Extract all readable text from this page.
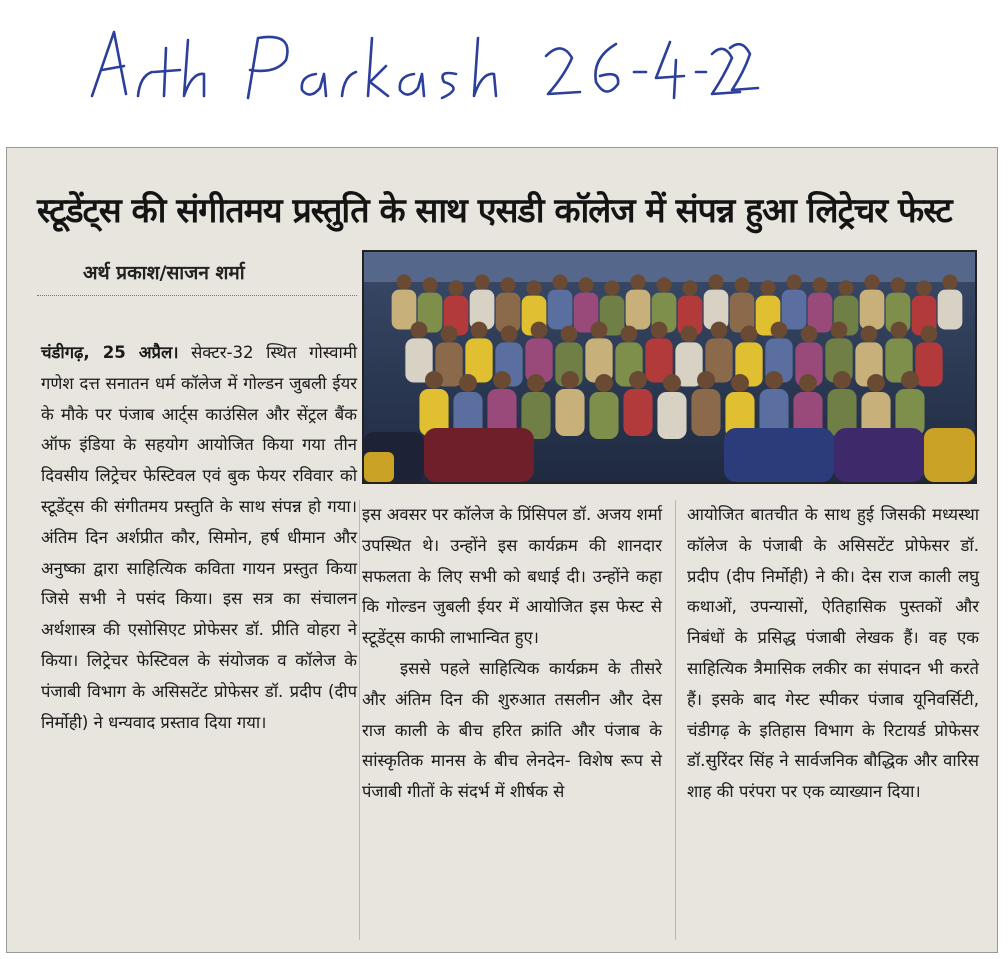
स्टूडेंट्स की संगीतमय प्रस्तुति के साथ एसडी कॉलेज में संपन्न हुआ लिट्रेचर फेस्ट
अर्थ प्रकाश/साजन शर्मा

चंडीगढ़, 25 अप्रैल। सेक्टर-32 स्थित गोस्वामी गणेश दत्त सनातन धर्म कॉलेज में गोल्डन जुबली ईयर के मौके पर पंजाब आर्ट्स काउंसिल और सेंट्रल बैंक ऑफ इंडिया के सहयोग आयोजित किया गया तीन दिवसीय लिट्रेचर फेस्टिवल एवं बुक फेयर रविवार को स्टूडेंट्स की संगीतमय प्रस्तुति के साथ संपन्न हो गया। अंतिम दिन अर्शप्रीत कौर, सिमोन, हर्ष धीमान और अनुष्का द्वारा साहित्यिक कविता गायन प्रस्तुत किया जिसे सभी ने पसंद किया। इस सत्र का संचालन अर्थशास्त्र की एसोसिएट प्रोफेसर डॉ. प्रीति वोहरा ने किया। लिट्रेचर फेस्टिवल के संयोजक व कॉलेज के पंजाबी विभाग के असिसटेंट प्रोफेसर डॉ. प्रदीप (दीप निर्मोही) ने धन्यवाद प्रस्ताव दिया गया।

इस अवसर पर कॉलेज के प्रिंसिपल डॉ. अजय शर्मा उपस्थित थे। उन्होंने इस कार्यक्रम की शानदार सफलता के लिए सभी को बधाई दी। उन्होंने कहा कि गोल्डन जुबली ईयर में आयोजित इस फेस्ट से स्टूडेंट्स काफी लाभान्वित हुए।
इससे पहले साहित्यिक कार्यक्रम के तीसरे और अंतिम दिन की शुरुआत तसलीन और देस राज काली के बीच हरित क्रांति और पंजाब के सांस्कृतिक मानस के बीच लेनदेन- विशेष रूप से पंजाबी गीतों के संदर्भ में शीर्षक से

आयोजित बातचीत के साथ हुई जिसकी मध्यस्था कॉलेज के पंजाबी के असिसटेंट प्रोफेसर डॉ. प्रदीप (दीप निर्मोही) ने की। देस राज काली लघु कथाओं, उपन्यासों, ऐतिहासिक पुस्तकों और निबंधों के प्रसिद्ध पंजाबी लेखक हैं। वह एक साहित्यिक त्रैमासिक लकीर का संपादन भी करते हैं। इसके बाद गेस्ट स्पीकर पंजाब यूनिवर्सिटी, चंडीगढ़ के इतिहास विभाग के रिटायर्ड प्रोफेसर डॉ.सुरिंदर सिंह ने सार्वजनिक बौद्धिक और वारिस शाह की परंपरा पर एक व्याख्यान दिया।
